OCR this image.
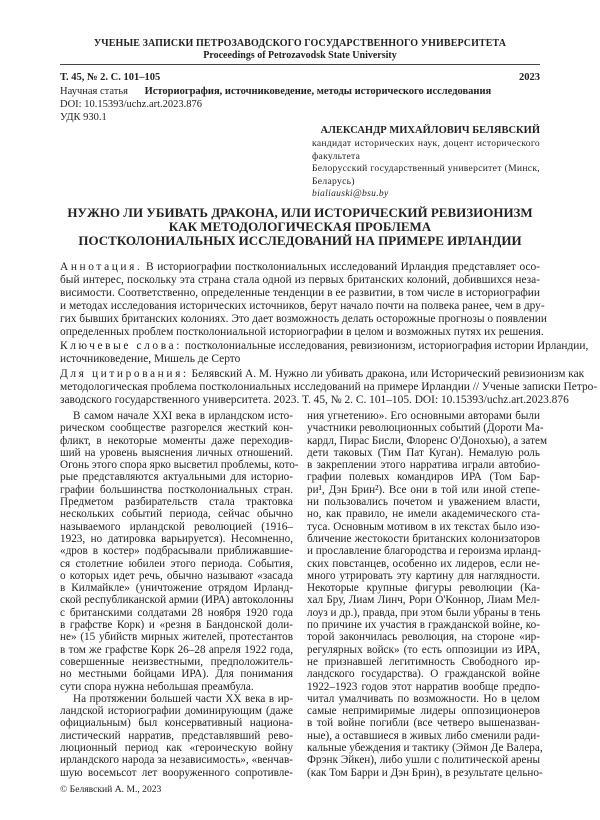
УЧЕНЫЕ ЗАПИСКИ ПЕТРОЗАВОДСКОГО ГОСУДАРСТВЕННОГО УНИВЕРСИТЕТА
Proceedings of Petrozavodsk State University
Т. 45, № 2. С. 101–105	2023
Научная статья Историография, источниковедение, методы исторического исследования
DOI: 10.15393/uchz.art.2023.876
УДК 930.1
АЛЕКСАНДР МИХАЙЛОВИЧ БЕЛЯВСКИЙ
кандидат исторических наук, доцент исторического
факультета
Белорусский государственный университет (Минск,
Беларусь)
bialiauski@bsu.by
НУЖНО ЛИ УБИВАТЬ ДРАКОНА, ИЛИ ИСТОРИЧЕСКИЙ РЕВИЗИОНИЗМ
КАК МЕТОДОЛОГИЧЕСКАЯ ПРОБЛЕМА
ПОСТКОЛОНИАЛЬНЫХ ИССЛЕДОВАНИЙ НА ПРИМЕРЕ ИРЛАНДИИ
Аннотация. В историографии постколониальных исследований Ирландия представляет осо-
бый интерес, поскольку эта страна стала одной из первых британских колоний, добившихся неза-
висимости. Соответственно, определенные тенденции в ее развитии, в том числе в историографии
и методах исследования исторических источников, берут начало почти на полвека ранее, чем в дру-
гих бывших британских колониях. Это дает возможность делать осторожные прогнозы о появлении
определенных проблем постколониальной историографии в целом и возможных путях их решения.
Ключевые слова: постколониальные исследования, ревизионизм, историография истории Ирландии,
источниковедение, Мишель де Серто
Для цитирования: Белявский А. М. Нужно ли убивать дракона, или Исторический ревизионизм как
методологическая проблема постколониальных исследований на примере Ирландии // Ученые записки Петро-
заводского государственного университета. 2023. Т. 45, № 2. С. 101–105. DOI: 10.15393/uchz.art.2023.876
В самом начале XXI века в ирландском исто-
рическом сообществе разгорелся жесткий кон-
фликт, в некоторые моменты даже переходив-
ший на уровень выяснения личных отношений.
Огонь этого спора ярко высветил проблемы, кото-
рые представляются актуальными для историо-
графии большинства постколониальных стран.
Предметом разбирательств стала трактовка
нескольких событий периода, сейчас обычно
называемого ирландской революцией (1916–
1923, но датировка варьируется). Несомненно,
«дров в костер» подбрасывали приближавшие-
ся столетние юбилеи этого периода. События,
о которых идет речь, обычно называют «засада
в Килмайкле» (уничтожение отрядом Ирланд-
ской республиканской армии (ИРА) автоколонны
с британскими солдатами 28 ноября 1920 года
в графстве Корк) и «резня в Бандонской доли-
не» (15 убийств мирных жителей, протестантов
в том же графстве Корк 26–28 апреля 1922 года,
совершенные неизвестными, предположитель-
но местными бойцами ИРА). Для понимания
сути спора нужна небольшая преамбула.
На протяжении большей части XX века в ир-
ландской историографии доминирующим (даже
официальным) был консервативный национа-
листический нарратив, представлявший рево-
люционный период как «героическую войну
ирландского народа за независимость», «венчав-
шую восемьсот лет вооруженного сопротивле-
ния угнетению». Его основными авторами были
участники революционных событий (Дороти Ма-
кардл, Пирас Бисли, Флоренс О'Донохью), а затем
дети таковых (Тим Пат Куган). Немалую роль
в закреплении этого нарратива играли автобио-
графии полевых командиров ИРА (Том Бар-
ри¹, Дэн Брин²). Все они в той или иной степе-
ни пользовались почетом и уважением власти,
но, как правило, не имели академического ста-
туса. Основным мотивом в их текстах было изо-
бличение жестокости британских колонизаторов
и прославление благородства и героизма ирланд-
ских повстанцев, особенно их лидеров, если не-
много утрировать эту картину для наглядности.
Некоторые крупные фигуры революции (Ка-
хал Бру, Лиам Линч, Рори О'Коннор, Лиам Мел-
лоуз и др.), правда, при этом были убраны в тень
по причине их участия в гражданской войне, ко-
торой закончилась революция, на стороне «ир-
регулярных войск» (то есть оппозиции из ИРА,
не признавшей легитимность Свободного ир-
ландского государства). О гражданской войне
1922–1923 годов этот нарратив вообще предпо-
читал умалчивать по возможности. Но в целом
самые непримиримые лидеры оппозиционеров
в той войне погибли (все четверо вышеназван-
ные), а оставшиеся в живых либо сменили ради-
кальные убеждения и тактику (Эймон Де Валера,
Фрэнк Эйкен), либо ушли с политической арены
(как Том Барри и Дэн Брин), в результате цельно-
© Белявский А. М., 2023
